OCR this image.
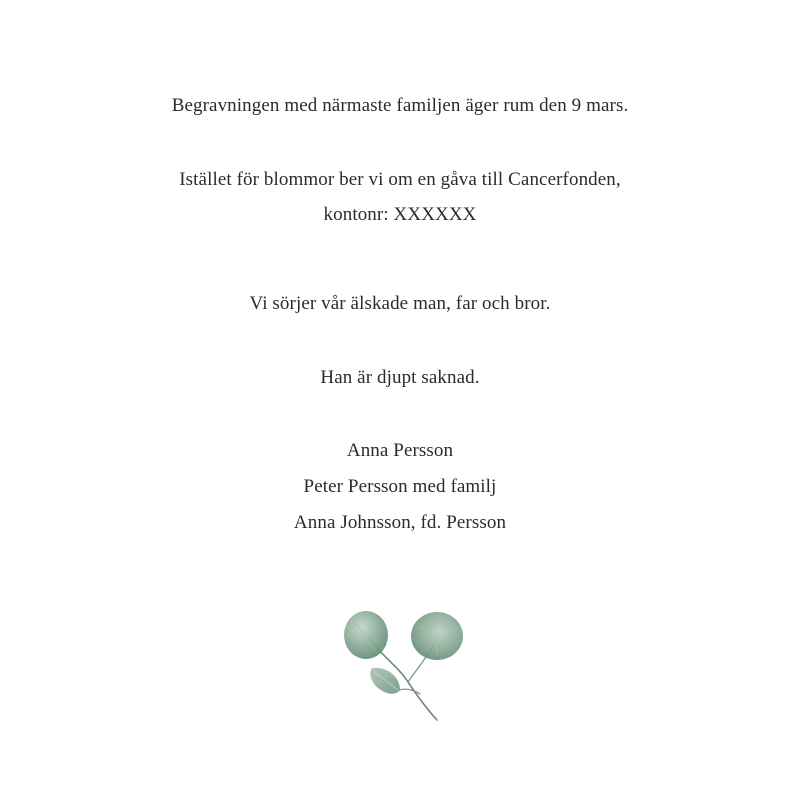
Begravningen med närmaste familjen äger rum den 9 mars.
Istället för blommor ber vi om en gåva till Cancerfonden,
kontonr: XXXXXX
Vi sörjer vår älskade man, far och bror.
Han är djupt saknad.
Anna Persson
Peter Persson med familj
Anna Johnsson, fd. Persson
